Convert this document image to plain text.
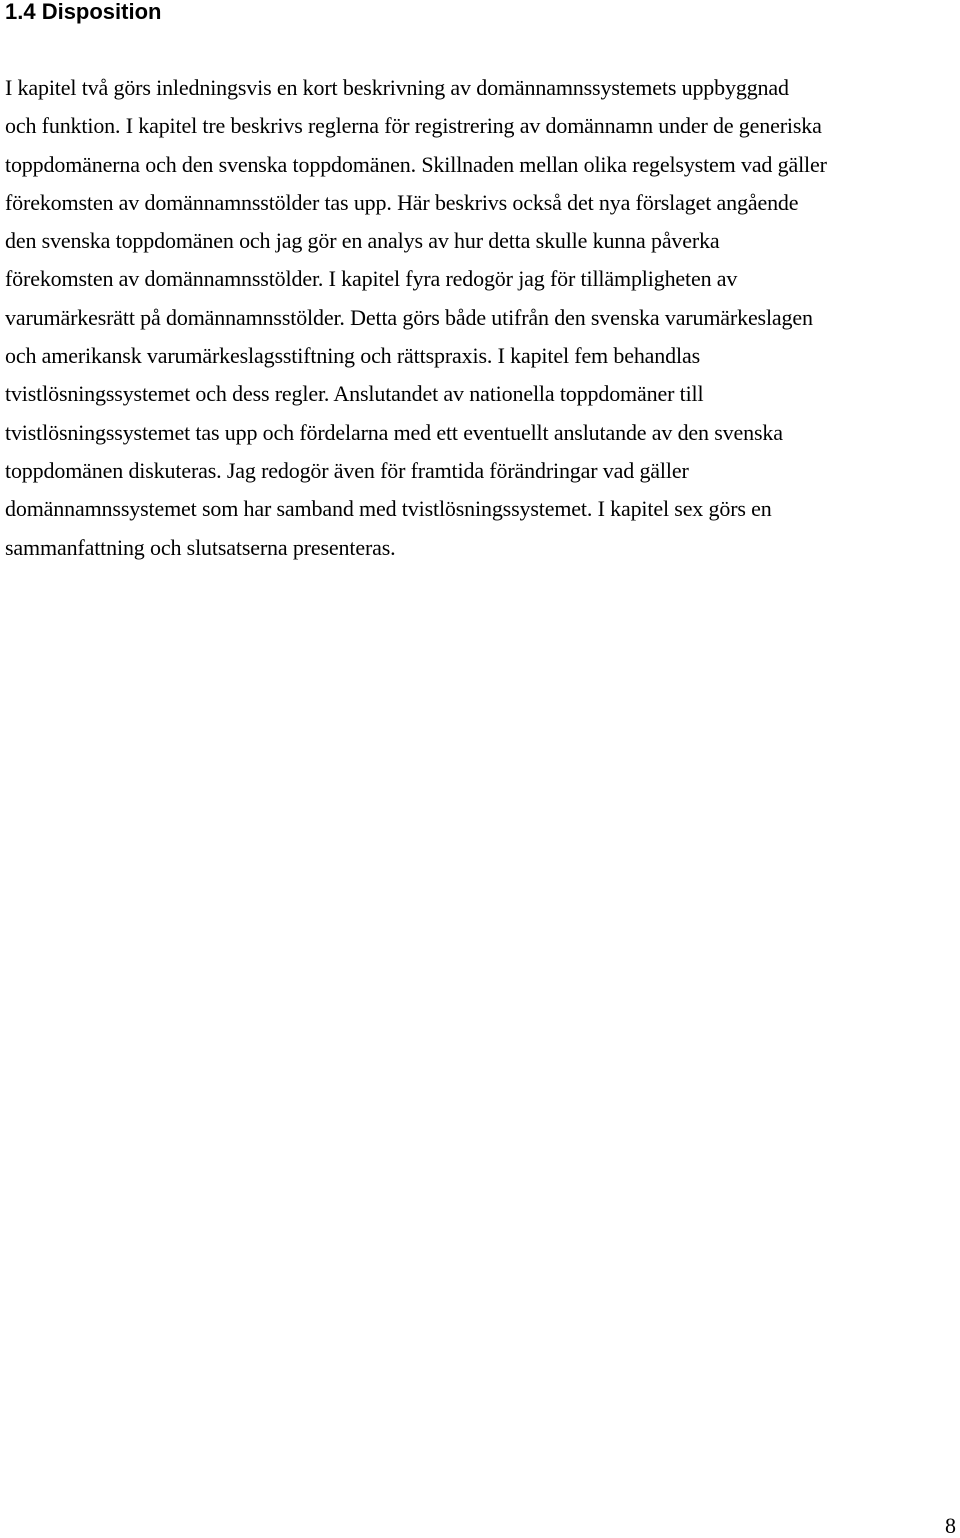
1.4 Disposition
I kapitel två görs inledningsvis en kort beskrivning av domännamnssystemets uppbyggnad
och funktion. I kapitel tre beskrivs reglerna för registrering av domännamn under de generiska
toppdomänerna och den svenska toppdomänen. Skillnaden mellan olika regelsystem vad gäller
förekomsten av domännamnsstölder tas upp. Här beskrivs också det nya förslaget angående
den svenska toppdomänen och jag gör en analys av hur detta skulle kunna påverka
förekomsten av domännamnsstölder. I kapitel fyra redogör jag för tillämpligheten av
varumärkesrätt på domännamnsstölder. Detta görs både utifrån den svenska varumärkeslagen
och amerikansk varumärkeslagsstiftning och rättspraxis. I kapitel fem behandlas
tvistlösningssystemet och dess regler. Anslutandet av nationella toppdomäner till
tvistlösningssystemet tas upp och fördelarna med ett eventuellt anslutande av den svenska
toppdomänen diskuteras. Jag redogör även för framtida förändringar vad gäller
domännamnssystemet som har samband med tvistlösningssystemet. I kapitel sex görs en
sammanfattning och slutsatserna presenteras.

8
